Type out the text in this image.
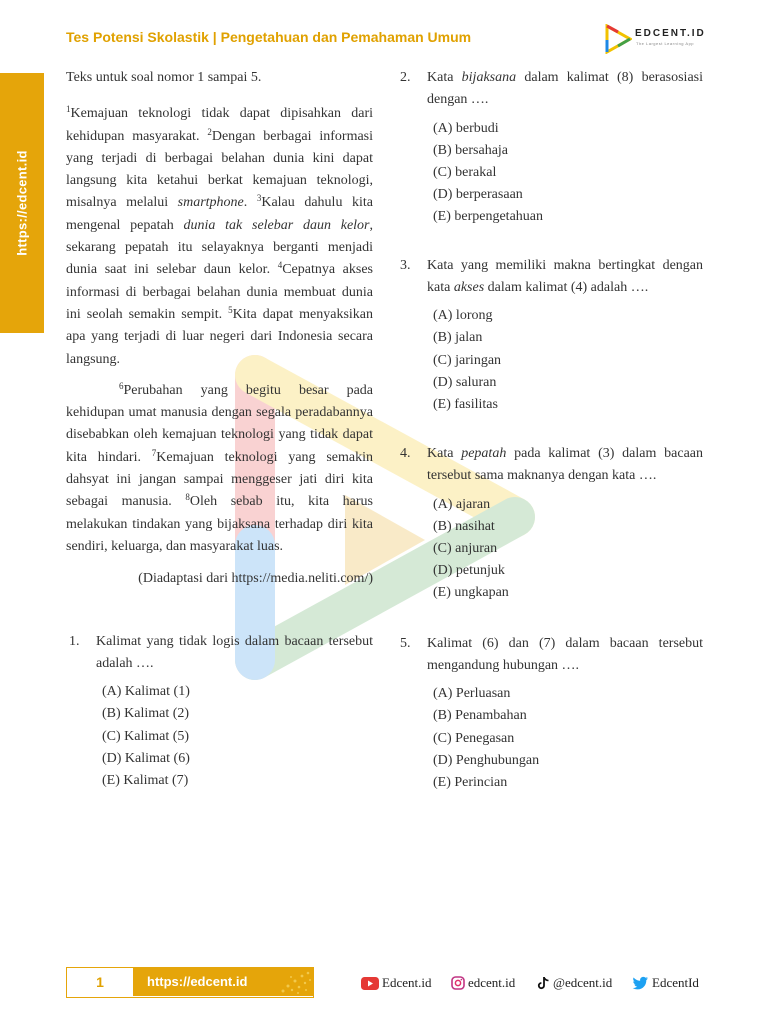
Tes Potensi Skolastik | Pengetahuan dan Pemahaman Umum	EDCENT.ID
The Largest Learning App
https://edcent.id

Teks untuk soal nomor 1 sampai 5.

$^1$Kemajuan teknologi tidak dapat dipisahkan dari kehidupan masyarakat. $^2$Dengan berbagai informasi yang terjadi di berbagai belahan dunia kini dapat langsung kita ketahui berkat kemajuan teknologi, misalnya melalui smartphone. $^3$Kalau dahulu kita mengenal pepatah dunia tak selebar daun kelor, sekarang pepatah itu selayaknya berganti menjadi dunia saat ini selebar daun kelor. $^4$Cepatnya akses informasi di berbagai belahan dunia membuat dunia ini seolah semakin sempit. $^5$Kita dapat menyaksikan apa yang terjadi di luar negeri dari Indonesia secara langsung.

$^6$Perubahan yang begitu besar pada kehidupan umat manusia dengan segala peradabannya disebabkan oleh kemajuan teknologi yang tidak dapat kita hindari. $^7$Kemajuan teknologi yang semakin dahsyat ini jangan sampai menggeser jati diri kita sebagai manusia. $^8$Oleh sebab itu, kita harus melakukan tindakan yang bijaksana terhadap diri kita sendiri, keluarga, dan masyarakat luas.

(Diadaptasi dari https://media.neliti.com/)

1. Kalimat yang tidak logis dalam bacaan tersebut adalah ….
(A) Kalimat (1)
(B) Kalimat (2)
(C) Kalimat (5)
(D) Kalimat (6)
(E) Kalimat (7)
2. Kata bijaksana dalam kalimat (8) berasosiasi dengan ….
(A) berbudi
(B) bersahaja
(C) berakal
(D) berperasaan
(E) berpengetahuan
3. Kata yang memiliki makna bertingkat dengan kata akses dalam kalimat (4) adalah ….
(A) lorong
(B) jalan
(C) jaringan
(D) saluran
(E) fasilitas
4. Kata pepatah pada kalimat (3) dalam bacaan tersebut sama maknanya dengan kata ….
(A) ajaran
(B) nasihat
(C) anjuran
(D) petunjuk
(E) ungkapan
5. Kalimat (6) dan (7) dalam bacaan tersebut mengandung hubungan ….
(A) Perluasan
(B) Penambahan
(C) Penegasan
(D) Penghubungan
(E) Perincian
1	https://edcent.id	Edcent.id	edcent.id	@edcent.id	EdcentId
